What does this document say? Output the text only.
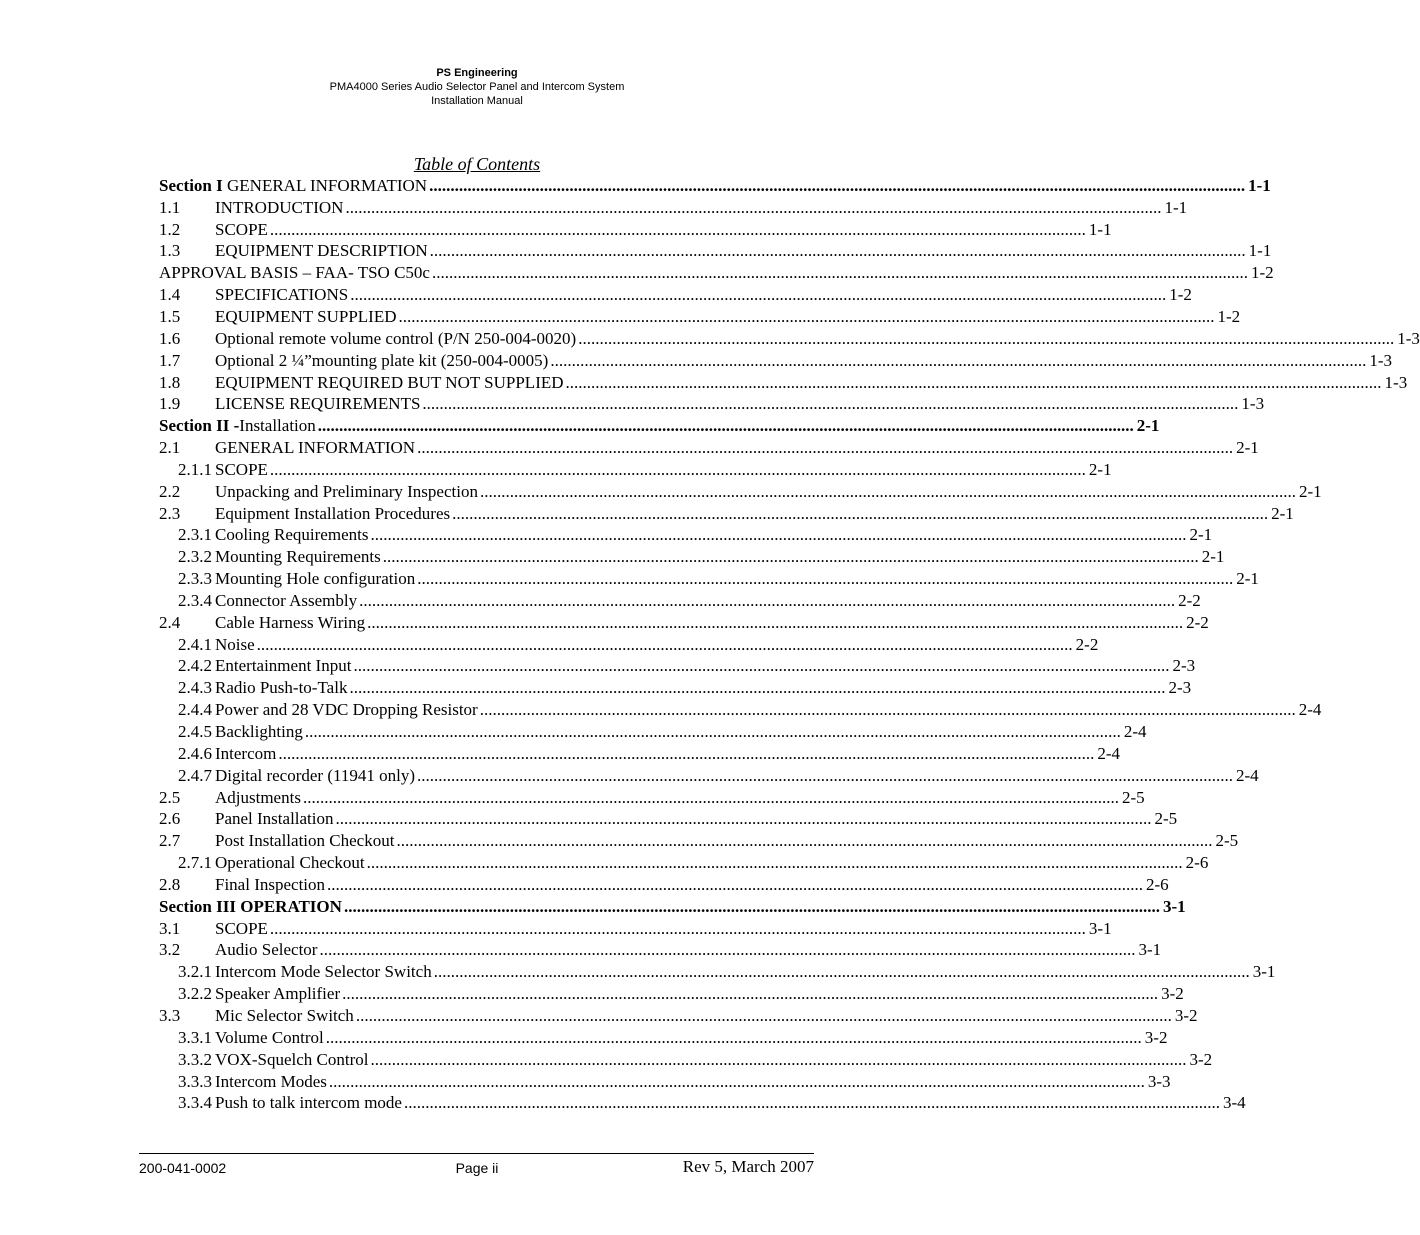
PS Engineering
PMA4000 Series Audio Selector Panel and Intercom System
Installation Manual
Table of Contents
Section I GENERAL INFORMATION .....	1-1
1.1	INTRODUCTION .....	1-1
1.2	SCOPE .....	1-1
1.3	EQUIPMENT DESCRIPTION .....	1-1
APPROVAL BASIS – FAA- TSO C50c .....	1-2
1.4	SPECIFICATIONS .....	1-2
1.5	EQUIPMENT SUPPLIED .....	1-2
1.6	Optional remote volume control (P/N 250-004-0020) .....	1-3
1.7	Optional 2 ¼”mounting plate kit (250-004-0005) .....	1-3
1.8	EQUIPMENT REQUIRED BUT NOT SUPPLIED .....	1-3
1.9	LICENSE REQUIREMENTS .....	1-3
Section II -Installation .....	2-1
2.1	GENERAL INFORMATION .....	2-1
2.1.1 SCOPE .....	2-1
2.2	Unpacking and Preliminary Inspection .....	2-1
2.3	Equipment Installation Procedures .....	2-1
2.3.1 Cooling Requirements .....	2-1
2.3.2 Mounting Requirements .....	2-1
2.3.3 Mounting Hole configuration .....	2-1
2.3.4 Connector Assembly .....	2-2
2.4	Cable Harness Wiring .....	2-2
2.4.1 Noise .....	2-2
2.4.2 Entertainment Input .....	2-3
2.4.3 Radio Push-to-Talk .....	2-3
2.4.4 Power and 28 VDC Dropping Resistor .....	2-4
2.4.5 Backlighting .....	2-4
2.4.6 Intercom .....	2-4
2.4.7 Digital recorder (11941 only) .....	2-4
2.5	Adjustments .....	2-5
2.6	Panel Installation .....	2-5
2.7	Post Installation Checkout .....	2-5
2.7.1 Operational Checkout .....	2-6
2.8	Final Inspection .....	2-6
Section III OPERATION .....	3-1
3.1	SCOPE .....	3-1
3.2	Audio Selector .....	3-1
3.2.1 Intercom Mode Selector Switch .....	3-1
3.2.2 Speaker Amplifier .....	3-2
3.3	Mic Selector Switch .....	3-2
3.3.1 Volume Control .....	3-2
3.3.2 VOX-Squelch Control .....	3-2
3.3.3 Intercom Modes .....	3-3
3.3.4 Push to talk intercom mode .....	3-4
200-041-0002	Page ii	Rev 5, March 2007
